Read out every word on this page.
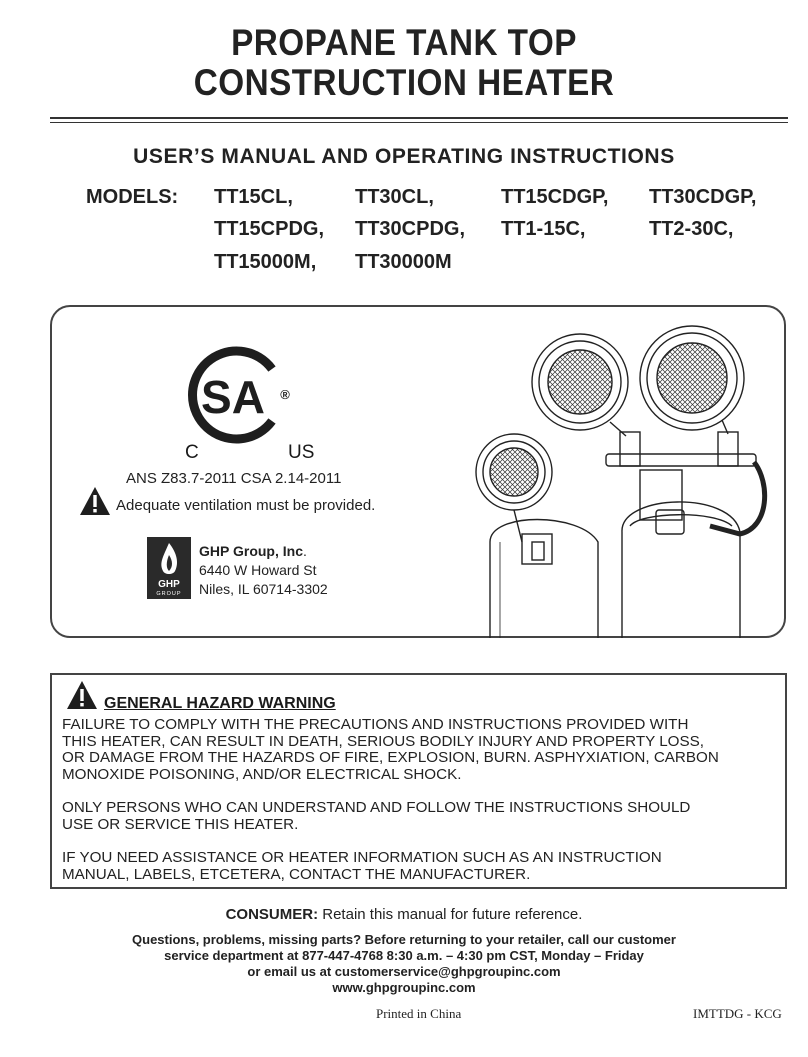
PROPANE TANK TOP
CONSTRUCTION HEATER
USER’S MANUAL AND OPERATING INSTRUCTIONS
MODELS: TT15CL,	TT30CL,	TT15CDGP, TT30CDGP,
TT15CPDG, TT30CPDG, TT1-15C,	TT2-30C,
TT15000M, TT30000M
SA ®
C	US
ANS Z83.7-2011 CSA 2.14-2011
Adequate ventilation must be provided.
GHP
GROUP
GHP Group, Inc.
6440 W Howard St
Niles, IL 60714-3302
GENERAL HAZARD WARNING
FAILURE TO COMPLY WITH THE PRECAUTIONS AND INSTRUCTIONS PROVIDED WITH
THIS HEATER, CAN RESULT IN DEATH, SERIOUS BODILY INJURY AND PROPERTY LOSS,
OR DAMAGE FROM THE HAZARDS OF FIRE, EXPLOSION, BURN. ASPHYXIATION, CARBON
MONOXIDE POISONING, AND/OR ELECTRICAL SHOCK.
ONLY PERSONS WHO CAN UNDERSTAND AND FOLLOW THE INSTRUCTIONS SHOULD
USE OR SERVICE THIS HEATER.
IF YOU NEED ASSISTANCE OR HEATER INFORMATION SUCH AS AN INSTRUCTION
MANUAL, LABELS, ETCETERA, CONTACT THE MANUFACTURER.
CONSUMER: Retain this manual for future reference.
Questions, problems, missing parts? Before returning to your retailer, call our customer
service department at 877-447-4768 8:30 a.m. – 4:30 pm CST, Monday – Friday
or email us at customerservice@ghpgroupinc.com
www.ghpgroupinc.com
Printed in China	IMTTDG - KCG
